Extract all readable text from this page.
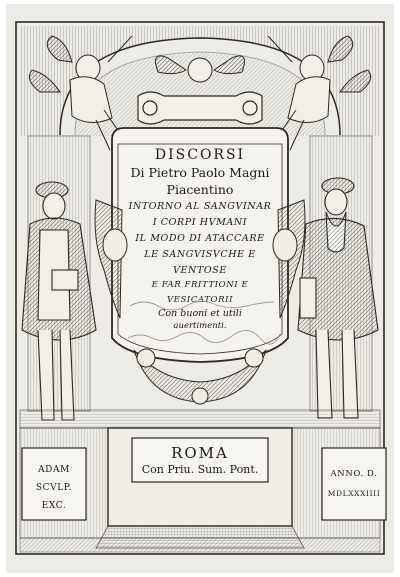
DISCORSI
Di Pietro Paolo Magni
Piacentino
INTORNO AL SANGVINAR
I CORPI HVMANI
IL MODO DI ATACCARE
LE SANGVISVCHE E
VENTOSE
E FAR FRITTIONI E
VESICATORII
Con buoni et utili
auertimenti.
ROMA
Con Priu. Sum. Pont.
ADAM
SCVLP.
EXC.
ANNO. D.
MDLXXXIIII
